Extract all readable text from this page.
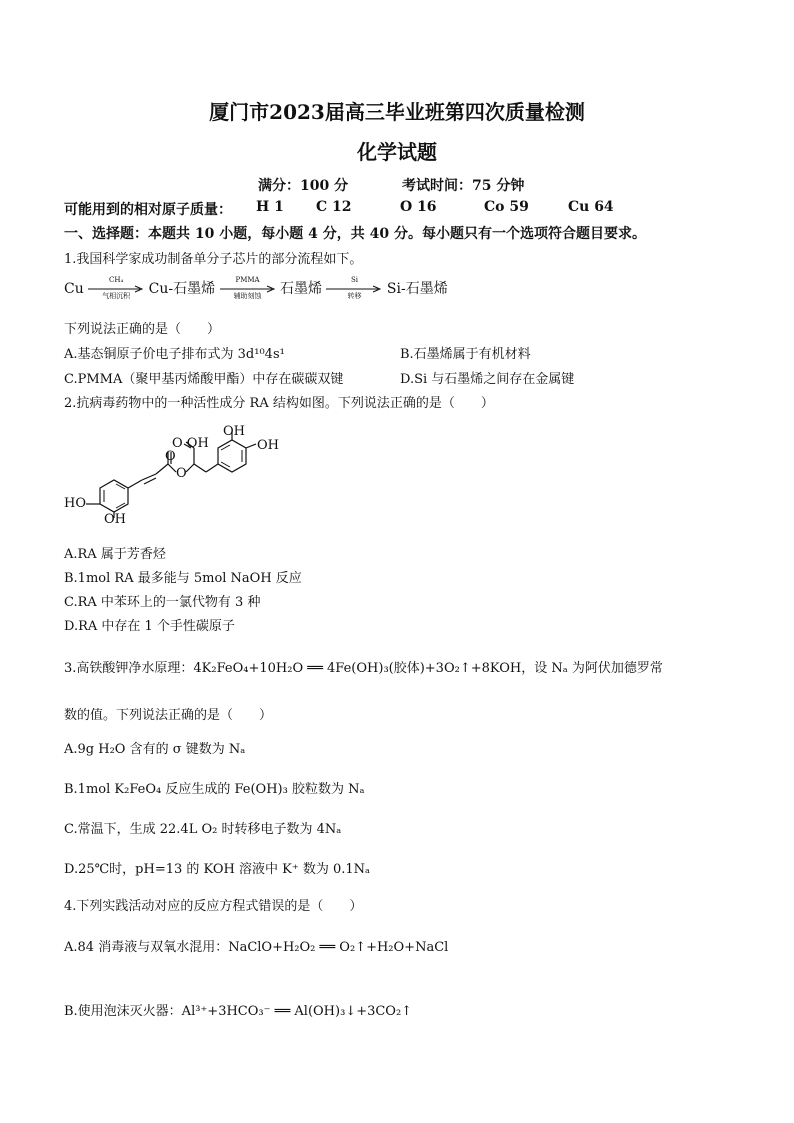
厦门市2023届高三毕业班第四次质量检测
化学试题
满分：100 分	考试时间：75 分钟
可能用到的相对原子质量： H 1 C 12	O 16	Co 59	Cu 64
一、选择题：本题共 10 小题，每小题 4 分，共 40 分。每小题只有一个选项符合题目要求。
1.我国科学家成功制备单分子芯片的部分流程如下。
Cu
CH₄
气相沉积	Cu-石墨烯
PMMA
辅助刻蚀	石墨烯
Si
转移	Si-石墨烯
下列说法正确的是（　　）
A.基态铜原子价电子排布式为 3d¹⁰4s¹	B.石墨烯属于有机材料
C.PMMA（聚甲基丙烯酸甲酯）中存在碳碳双键	D.Si 与石墨烯之间存在金属键
2.抗病毒药物中的一种活性成分 RA 结构如图。下列说法正确的是（　　）
O OH
OH
OH
O
O
HO
OH
A.RA 属于芳香烃
B.1mol RA 最多能与 5mol NaOH 反应
C.RA 中苯环上的一氯代物有 3 种
D.RA 中存在 1 个手性碳原子
3.高铁酸钾净水原理：4K₂FeO₄+10H₂O ══ 4Fe(OH)₃(胶体)+3O₂↑+8KOH，设 Nₐ 为阿伏加德罗常
数的值。下列说法正确的是（　　）
A.9g H₂O 含有的 σ 键数为 Nₐ
B.1mol K₂FeO₄ 反应生成的 Fe(OH)₃ 胶粒数为 Nₐ
C.常温下，生成 22.4L O₂ 时转移电子数为 4Nₐ
D.25℃时，pH=13 的 KOH 溶液中 K⁺ 数为 0.1Nₐ
4.下列实践活动对应的反应方程式错误的是（　　）
A.84 消毒液与双氧水混用：NaClO+H₂O₂ ══ O₂↑+H₂O+NaCl
B.使用泡沫灭火器：Al³⁺+3HCO₃⁻ ══ Al(OH)₃↓+3CO₂↑
